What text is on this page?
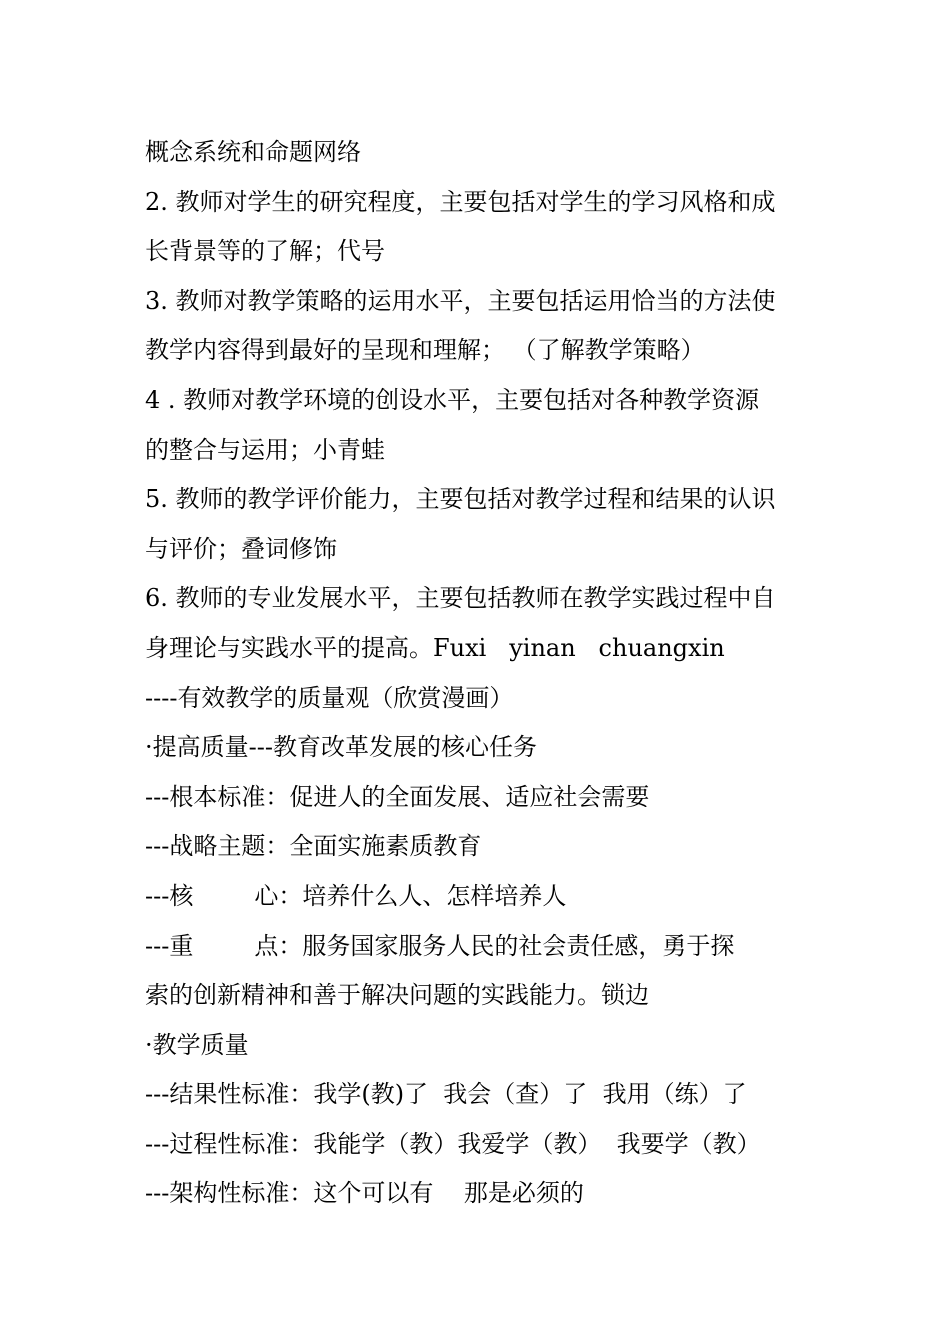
概念系统和命题网络
2. 教师对学生的研究程度，主要包括对学生的学习风格和成
长背景等的了解；代号
3. 教师对教学策略的运用水平，主要包括运用恰当的方法使
教学内容得到最好的呈现和理解； （了解教学策略）
4 . 教师对教学环境的创设水平，主要包括对各种教学资源
的整合与运用；小青蛙
5. 教师的教学评价能力，主要包括对教学过程和结果的认识
与评价；叠词修饰
6. 教师的专业发展水平，主要包括教师在教学实践过程中自
身理论与实践水平的提高。Fuxi   yinan   chuangxin
----有效教学的质量观（欣赏漫画）
·提高质量---教育改革发展的核心任务
---根本标准：促进人的全面发展、适应社会需要
---战略主题：全面实施素质教育
---核        心：培养什么人、怎样培养人
---重        点：服务国家服务人民的社会责任感，勇于探
索的创新精神和善于解决问题的实践能力。锁边
·教学质量
---结果性标准：我学(教)了  我会（查）了  我用（练）了
---过程性标准：我能学（教）我爱学（教）  我要学（教）
---架构性标准：这个可以有    那是必须的
